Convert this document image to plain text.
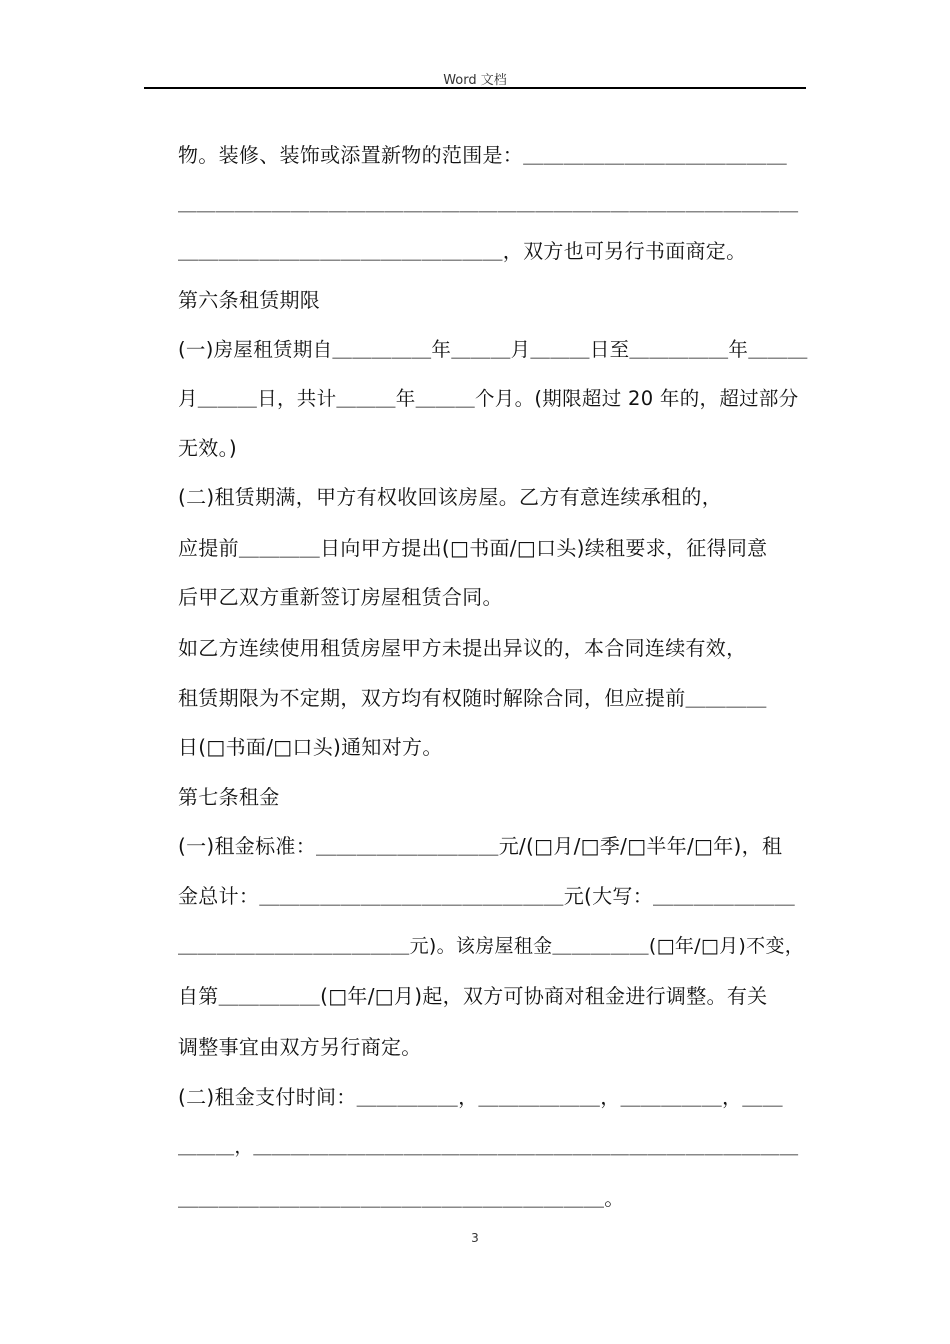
Word 文档
物。装修、装饰或添置新物的范围是：＿＿＿＿＿＿＿＿＿＿＿＿＿
＿＿＿＿＿＿＿＿＿＿＿＿＿＿＿＿＿＿＿＿＿＿＿＿＿＿＿＿＿＿＿＿＿
＿＿＿＿＿＿＿＿＿＿＿＿＿＿＿＿，双方也可另行书面商定。
第六条租赁期限
(一)房屋租赁期自＿＿＿＿＿年＿＿＿月＿＿＿日至＿＿＿＿＿年＿＿＿
月＿＿＿日，共计＿＿＿年＿＿＿个月。(期限超过 20 年的，超过部分
无效。)
(二)租赁期满，甲方有权收回该房屋。乙方有意连续承租的，
应提前＿＿＿＿日向甲方提出(□书面/□口头)续租要求，征得同意
后甲乙双方重新签订房屋租赁合同。
如乙方连续使用租赁房屋甲方未提出异议的，本合同连续有效，
租赁期限为不定期，双方均有权随时解除合同，但应提前＿＿＿＿
日(□书面/□口头)通知对方。
第七条租金
(一)租金标准：＿＿＿＿＿＿＿＿＿元/(□月/□季/□半年/□年)，租
金总计：＿＿＿＿＿＿＿＿＿＿＿＿＿＿＿元(大写：＿＿＿＿＿＿＿
＿＿＿＿＿＿＿＿＿＿＿＿元)。该房屋租金＿＿＿＿＿(□年/□月)不变，
自第＿＿＿＿＿(□年/□月)起，双方可协商对租金进行调整。有关
调整事宜由双方另行商定。
(二)租金支付时间：＿＿＿＿＿，＿＿＿＿＿＿，＿＿＿＿＿，＿＿
＿＿＿，＿＿＿＿＿＿＿＿＿＿＿＿＿＿＿＿＿＿＿＿＿＿＿＿＿＿＿＿＿
＿＿＿＿＿＿＿＿＿＿＿＿＿＿＿＿＿＿＿＿＿。
3
